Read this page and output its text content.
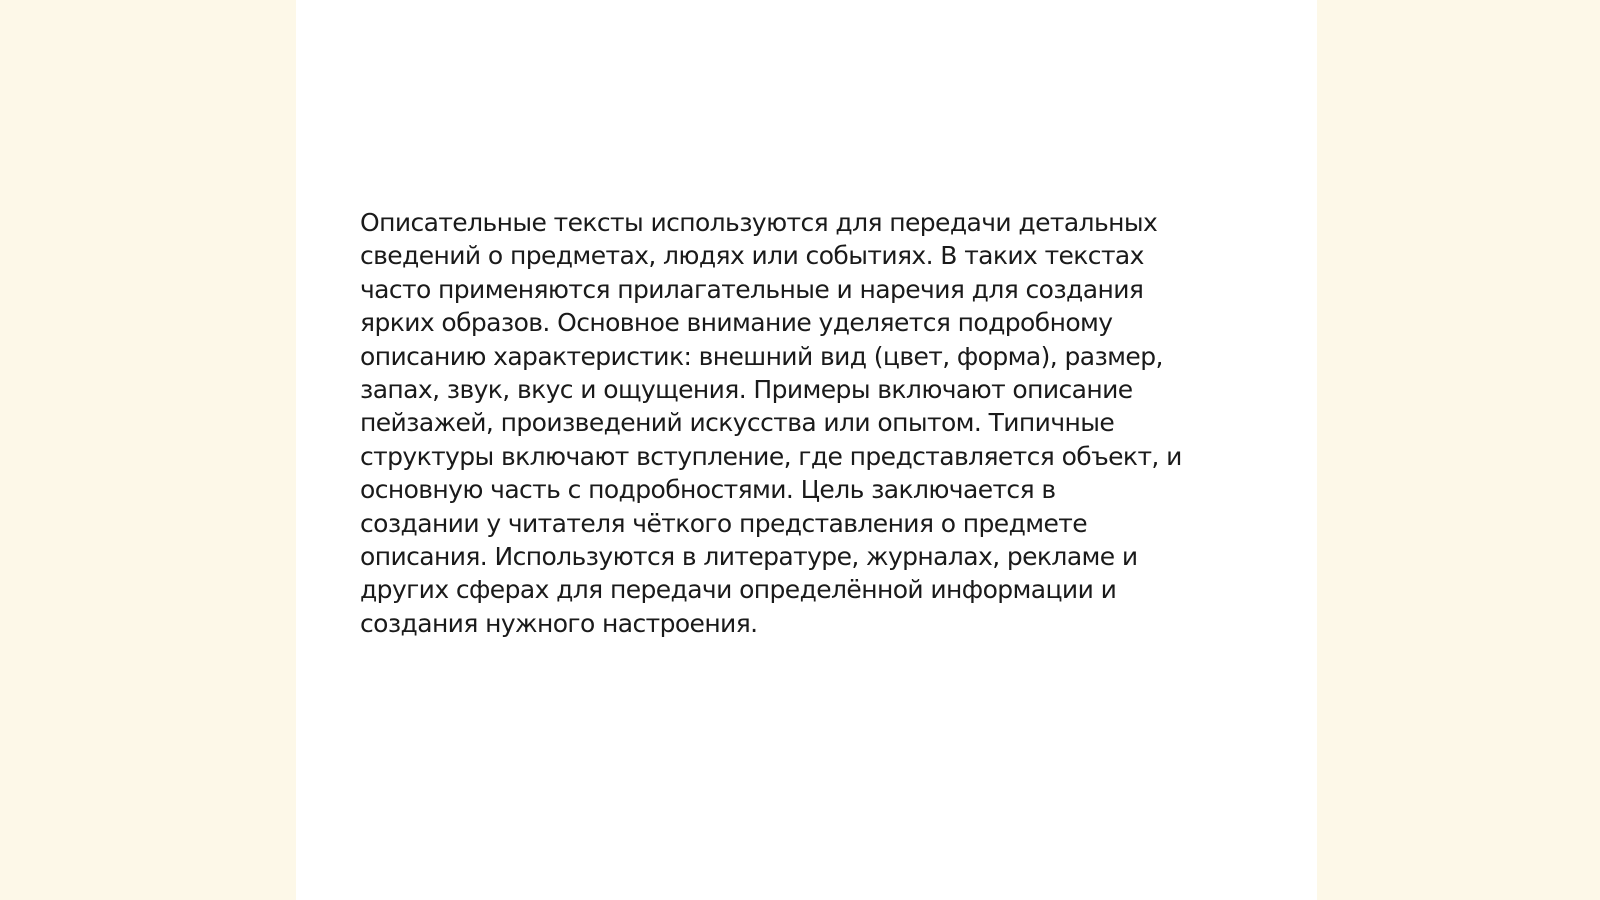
Описательные тексты используются для передачи детальных
сведений о предметах, людях или событиях. В таких текстах
часто применяются прилагательные и наречия для создания
ярких образов. Основное внимание уделяется подробному
описанию характеристик: внешний вид (цвет, форма), размер,
запах, звук, вкус и ощущения. Примеры включают описание
пейзажей, произведений искусства или опытом. Типичные
структуры включают вступление, где представляется объект, и
основную часть с подробностями. Цель заключается в
создании у читателя чёткого представления о предмете
описания. Используются в литературе, журналах, рекламе и
других сферах для передачи определённой информации и
создания нужного настроения.
